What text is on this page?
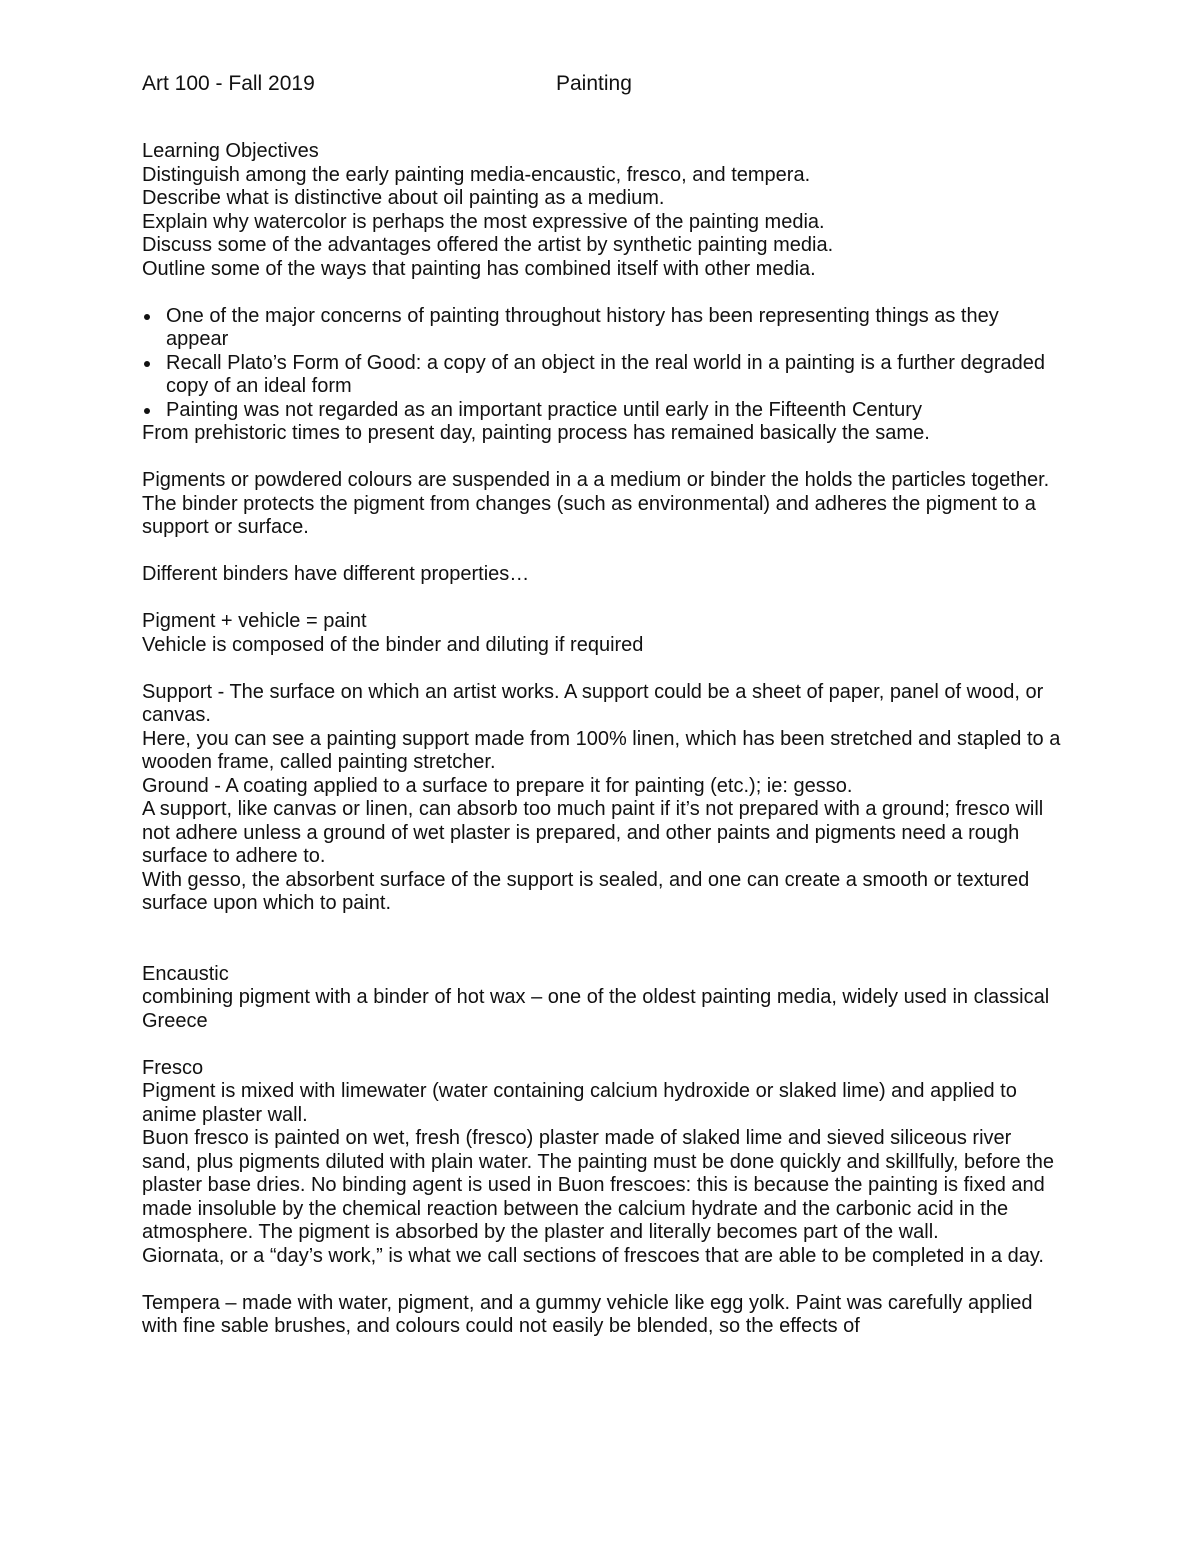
Art 100 - Fall 2019	Painting
Learning Objectives
Distinguish among the early painting media-encaustic, fresco, and tempera.
Describe what is distinctive about oil painting as a medium.
Explain why watercolor is perhaps the most expressive of the painting media.
Discuss some of the advantages offered the artist by synthetic painting media.
Outline some of the ways that painting has combined itself with other media.
One of the major concerns of painting throughout history has been representing things as they appear
Recall Plato’s Form of Good: a copy of an object in the real world in a painting is a further degraded copy of an ideal form
Painting was not regarded as an important practice until early in the Fifteenth Century
From prehistoric times to present day, painting process has remained basically the same.
Pigments or powdered colours are suspended in a a medium or binder the holds the particles together. The binder protects the pigment from changes (such as environmental) and adheres the pigment to a support or surface.
Different binders have different properties…
Pigment + vehicle = paint
Vehicle is composed of the binder and diluting if required
Support - The surface on which an artist works. A support could be a sheet of paper, panel of wood, or canvas.
Here, you can see a painting support made from 100% linen, which has been stretched and stapled to a wooden frame, called painting stretcher.
Ground - A coating applied to a surface to prepare it for painting (etc.); ie: gesso.
A support, like canvas or linen, can absorb too much paint if it’s not prepared with a ground; fresco will not adhere unless a ground of wet plaster is prepared, and other paints and pigments need a rough surface to adhere to.
With gesso, the absorbent surface of the support is sealed, and one can create a smooth or textured surface upon which to paint.
Encaustic
combining pigment with a binder of hot wax – one of the oldest painting media, widely used in classical Greece
Fresco
Pigment is mixed with limewater (water containing calcium hydroxide or slaked lime) and applied to anime plaster wall.
Buon fresco is painted on wet, fresh (fresco) plaster made of slaked lime and sieved siliceous river sand, plus pigments diluted with plain water. The painting must be done quickly and skillfully, before the plaster base dries. No binding agent is used in Buon frescoes: this is because the painting is fixed and made insoluble by the chemical reaction between the calcium hydrate and the carbonic acid in the atmosphere. The pigment is absorbed by the plaster and literally becomes part of the wall.
Giornata, or a “day’s work,” is what we call sections of frescoes that are able to be completed in a day.
Tempera – made with water, pigment, and a gummy vehicle like egg yolk. Paint was carefully applied with fine sable brushes, and colours could not easily be blended, so the effects of
